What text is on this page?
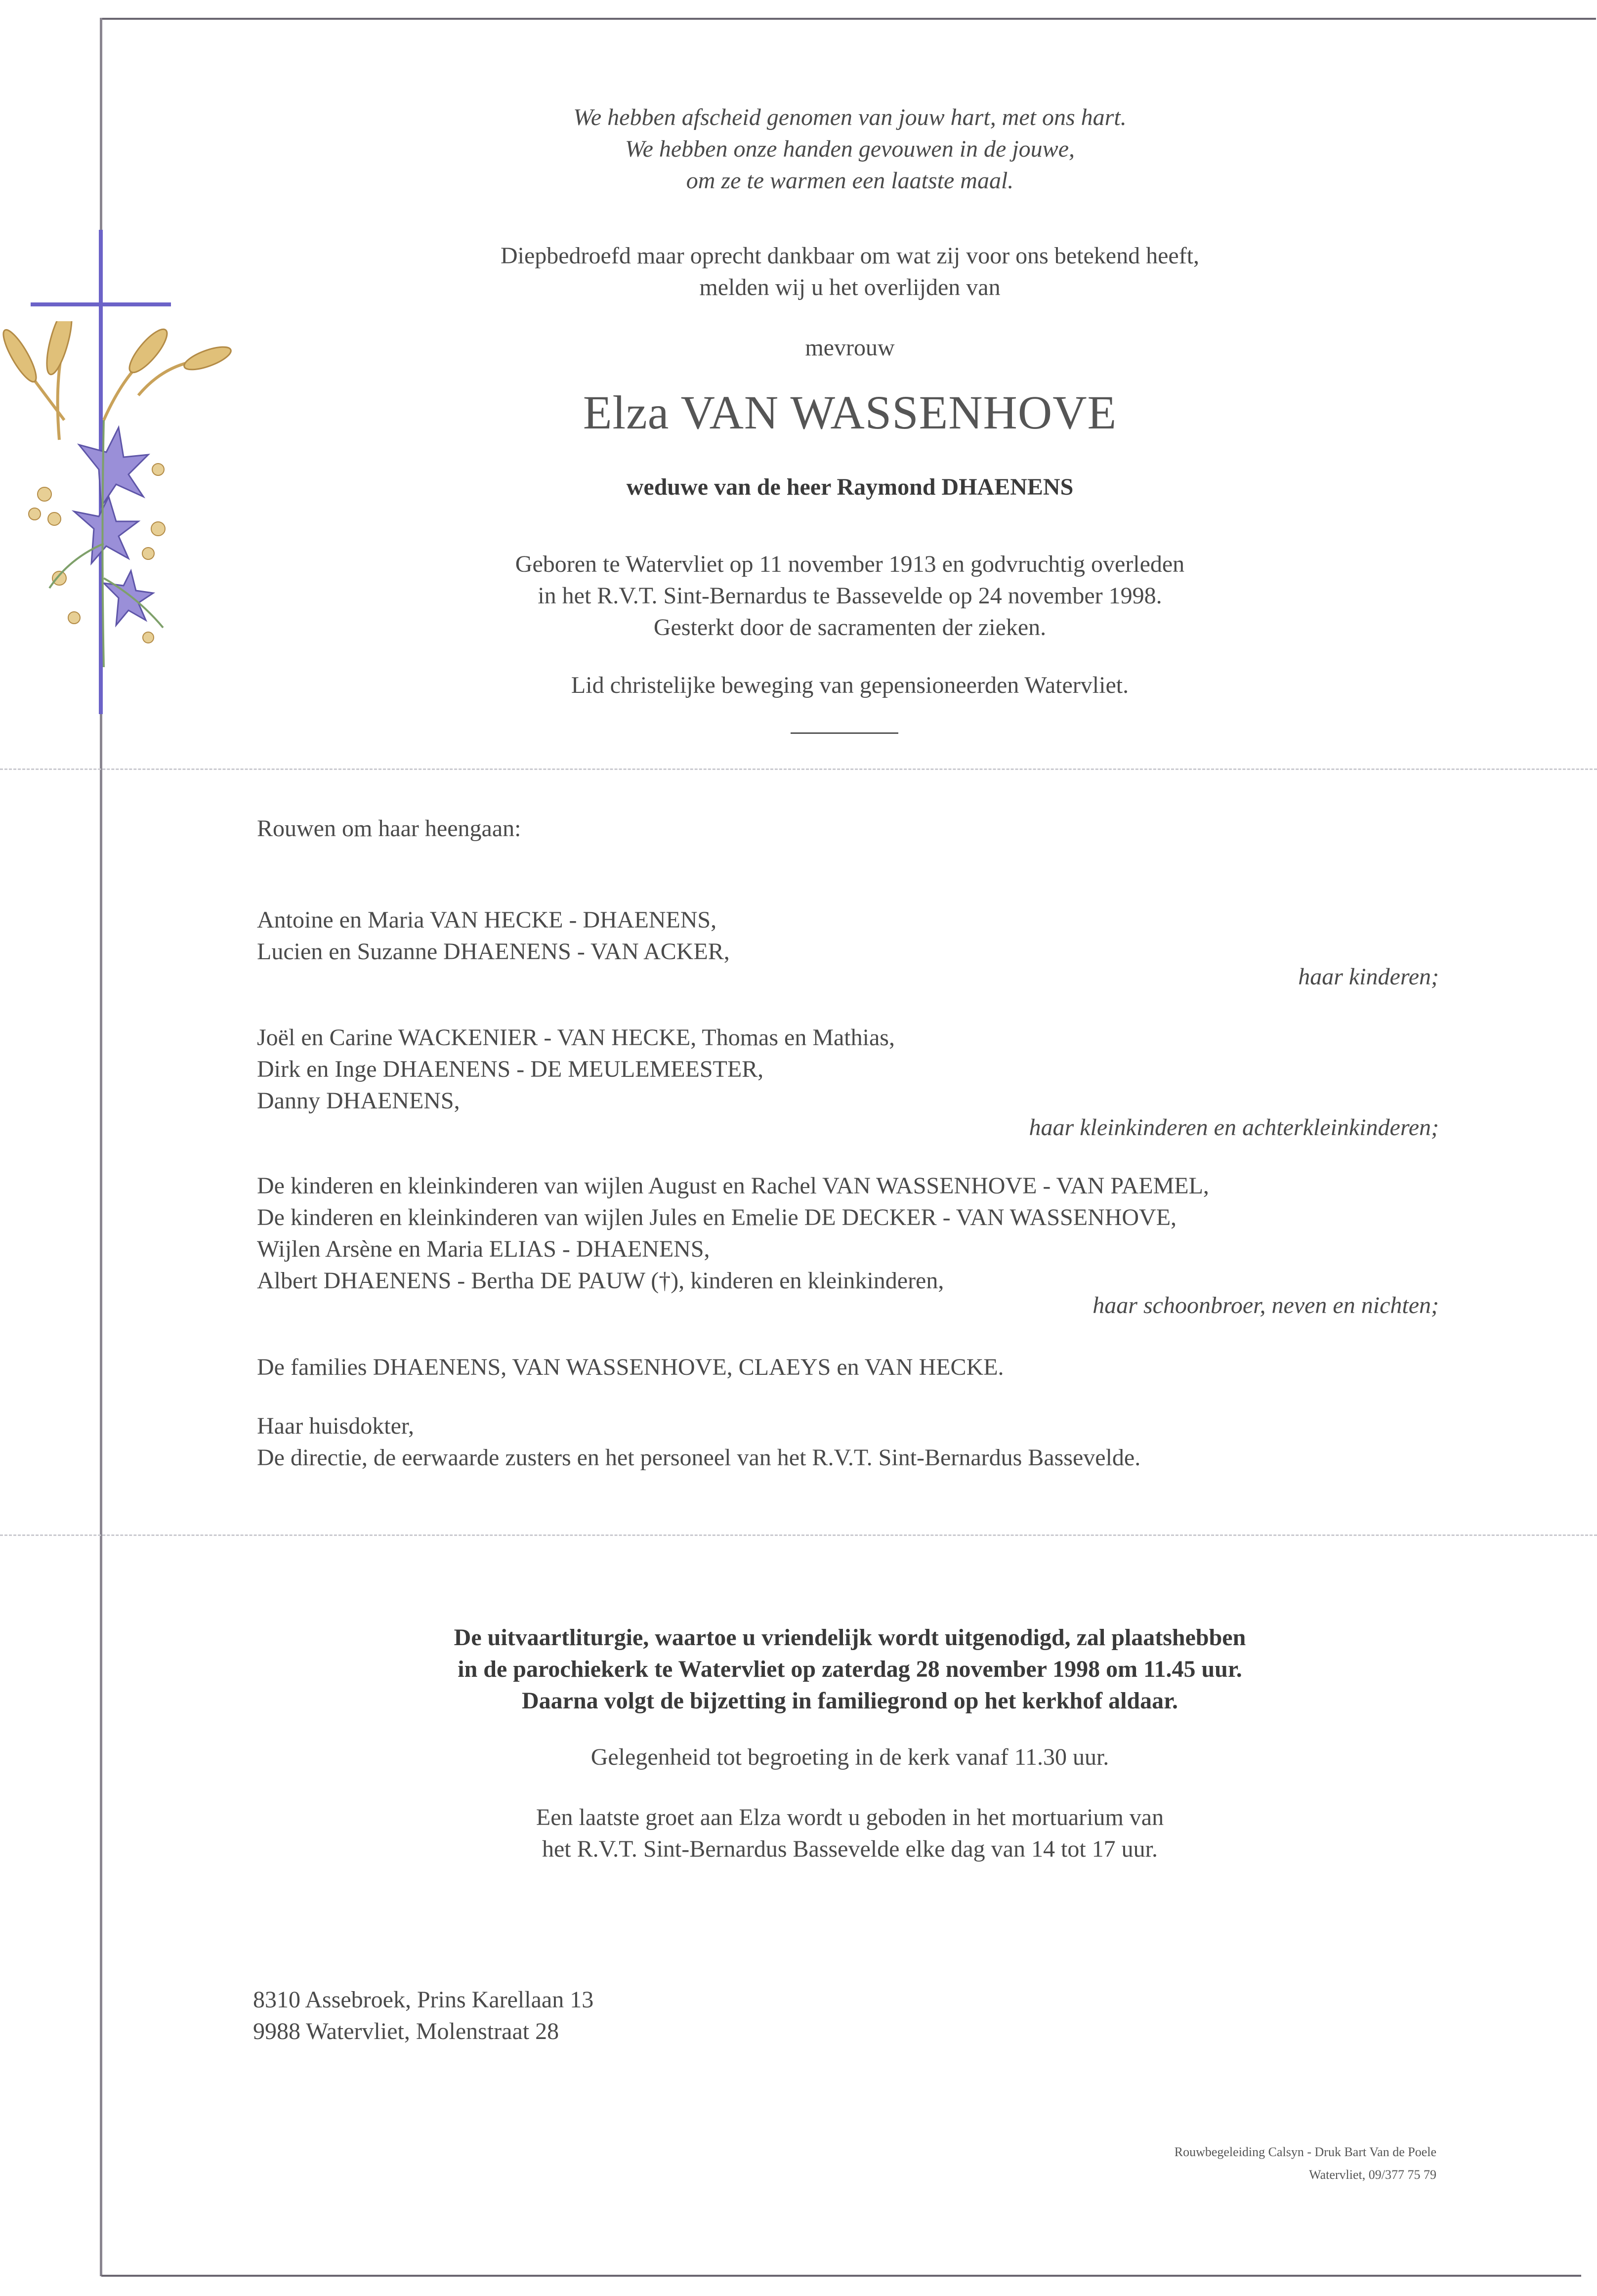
We hebben afscheid genomen van jouw hart, met ons hart.
We hebben onze handen gevouwen in de jouwe,
om ze te warmen een laatste maal.
Diepbedroefd maar oprecht dankbaar om wat zij voor ons betekend heeft,
melden wij u het overlijden van
mevrouw
Elza VAN WASSENHOVE
weduwe van de heer Raymond DHAENENS
Geboren te Watervliet op 11 november 1913 en godvruchtig overleden
in het R.V.T. Sint-Bernardus te Bassevelde op 24 november 1998.
Gesterkt door de sacramenten der zieken.
Lid christelijke beweging van gepensioneerden Watervliet.
Rouwen om haar heengaan:
Antoine en Maria VAN HECKE - DHAENENS,
Lucien en Suzanne DHAENENS - VAN ACKER,
haar kinderen;
Joël en Carine WACKENIER - VAN HECKE, Thomas en Mathias,
Dirk en Inge DHAENENS - DE MEULEMEESTER,
Danny DHAENENS,
haar kleinkinderen en achterkleinkinderen;
De kinderen en kleinkinderen van wijlen August en Rachel VAN WASSENHOVE - VAN PAEMEL,
De kinderen en kleinkinderen van wijlen Jules en Emelie DE DECKER - VAN WASSENHOVE,
Wijlen Arsène en Maria ELIAS - DHAENENS,
Albert DHAENENS - Bertha DE PAUW (†), kinderen en kleinkinderen,
haar schoonbroer, neven en nichten;
De families DHAENENS, VAN WASSENHOVE, CLAEYS en VAN HECKE.
Haar huisdokter,
De directie, de eerwaarde zusters en het personeel van het R.V.T. Sint-Bernardus Bassevelde.
De uitvaartliturgie, waartoe u vriendelijk wordt uitgenodigd, zal plaatshebben
in de parochiekerk te Watervliet op zaterdag 28 november 1998 om 11.45 uur.
Daarna volgt de bijzetting in familiegrond op het kerkhof aldaar.
Gelegenheid tot begroeting in de kerk vanaf 11.30 uur.
Een laatste groet aan Elza wordt u geboden in het mortuarium van
het R.V.T. Sint-Bernardus Bassevelde elke dag van 14 tot 17 uur.
8310 Assebroek, Prins Karellaan 13
9988 Watervliet, Molenstraat 28
Rouwbegeleiding Calsyn - Druk Bart Van de Poele
Watervliet, 09/377 75 79
